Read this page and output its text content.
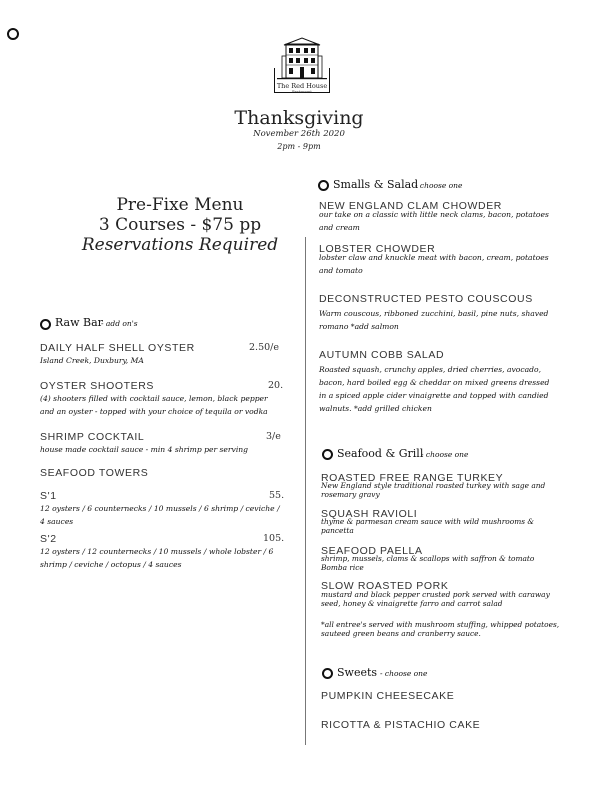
The Red House
Restaurant
Thanksgiving
November 26th 2020
2pm - 9pm
Pre-Fixe Menu
3 Courses - $75 pp
Reservations Required
Raw Bar
- add on's
DAILY HALF SHELL OYSTER	2.50/e
Island Creek, Duxbury, MA
OYSTER SHOOTERS	20.
(4) shooters filled with cocktail sauce, lemon, black pepper and an oyster - topped with your choice of tequila or vodka
SHRIMP COCKTAIL	3/e
house made cocktail sauce - min 4 shrimp per serving
SEAFOOD TOWERS
S'1	55.
12 oysters / 6 counternecks / 10 mussels / 6 shrimp / ceviche / 4 sauces
S'2	105.
12 oysters / 12 counternecks / 10 mussels / whole lobster / 6 shrimp / ceviche / octopus / 4 sauces
Smalls & Salad
- choose one
NEW ENGLAND CLAM CHOWDER
our take on a classic with little neck clams, bacon, potatoes and cream
LOBSTER CHOWDER
lobster claw and knuckle meat with bacon, cream, potatoes and tomato
DECONSTRUCTED PESTO COUSCOUS
Warm couscous, ribboned zucchini, basil, pine nuts, shaved romano *add salmon
AUTUMN COBB SALAD
Roasted squash, crunchy apples, dried cherries, avocado, bacon, hard boiled egg & cheddar on mixed greens dressed in a spiced apple cider vinaigrette and topped with candied walnuts. *add grilled chicken
Seafood & Grill
- choose one
ROASTED FREE RANGE TURKEY
New England style traditional roasted turkey with sage and rosemary gravy
SQUASH RAVIOLI
thyme & parmesan cream sauce with wild mushrooms & pancetta
SEAFOOD PAELLA
shrimp, mussels, clams & scallops with saffron & tomato Bomba rice
SLOW ROASTED PORK
mustard and black pepper crusted pork served with caraway seed, honey & vinaigrette farro and carrot salad
*all entree's served with mushroom stuffing, whipped potatoes, sauteed green beans and cranberry sauce.
Sweets - choose one
PUMPKIN CHEESECAKE
RICOTTA & PISTACHIO CAKE
